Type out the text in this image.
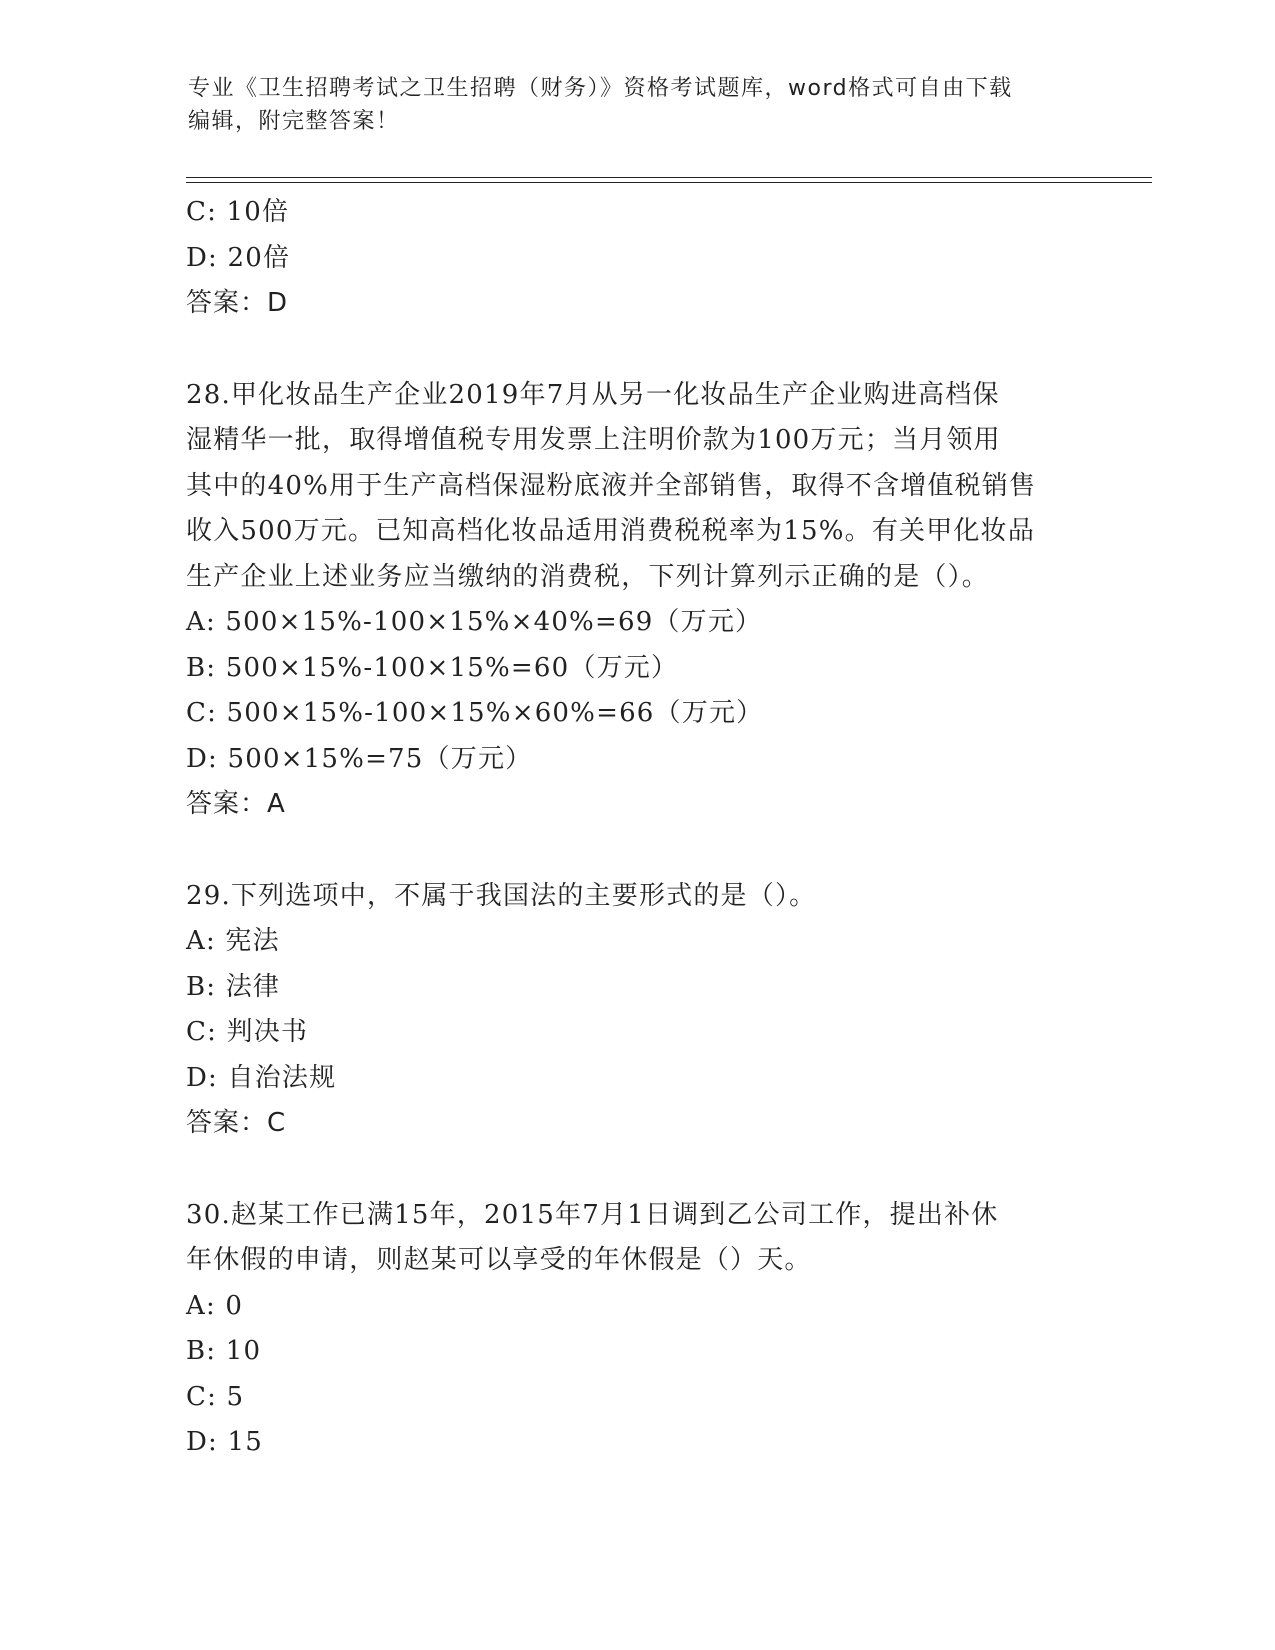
专业《卫生招聘考试之卫生招聘（财务）》资格考试题库，word格式可自由下载
编辑，附完整答案！
C: 10倍
D: 20倍
答案：D
28.甲化妆品生产企业2019年7月从另一化妆品生产企业购进高档保
湿精华一批，取得增值税专用发票上注明价款为100万元；当月领用
其中的40%用于生产高档保湿粉底液并全部销售，取得不含增值税销售
收入500万元。已知高档化妆品适用消费税税率为15%。有关甲化妆品
生产企业上述业务应当缴纳的消费税，下列计算列示正确的是（）。
A: 500×15%-100×15%×40%=69（万元）
B: 500×15%-100×15%=60（万元）
C: 500×15%-100×15%×60%=66（万元）
D: 500×15%=75（万元）
答案：A
29.下列选项中，不属于我国法的主要形式的是（）。
A: 宪法
B: 法律
C: 判决书
D: 自治法规
答案：C
30.赵某工作已满15年，2015年7月1日调到乙公司工作，提出补休
年休假的申请，则赵某可以享受的年休假是（）天。
A: 0
B: 10
C: 5
D: 15
